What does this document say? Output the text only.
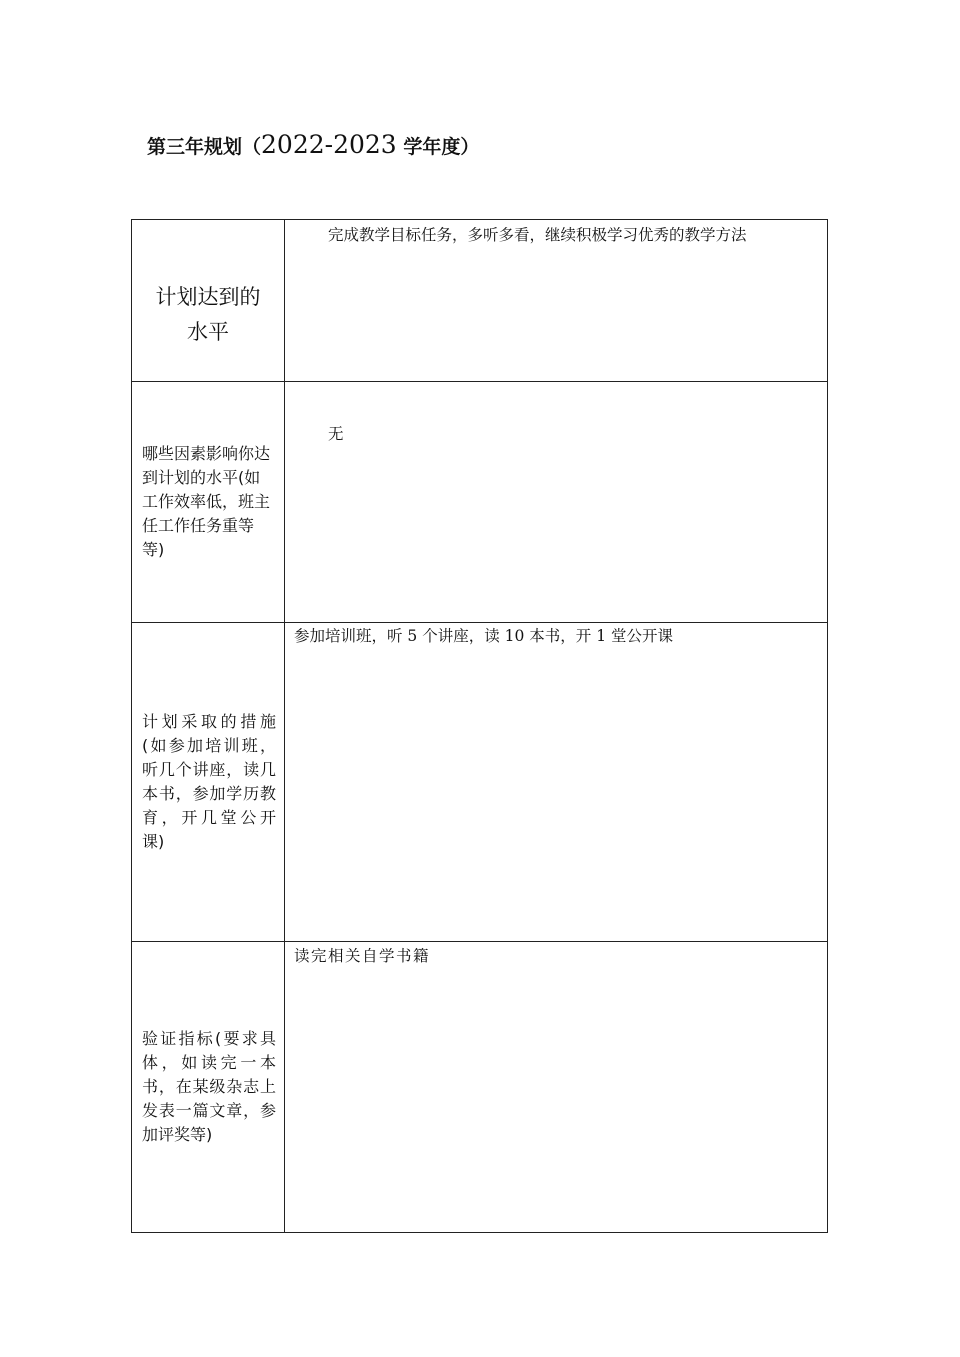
第三年规划（2022-2023 学年度）
计划达到的水平	完成教学目标任务，多听多看，继续积极学习优秀的教学方法

哪些因素影响你达到计划的水平(如工作效率低，班主任工作任务重等等)	无

计划采取的措施(如参加培训班，听几个讲座，读几本书，参加学历教育，开几堂公开课)	参加培训班，听 5 个讲座，读 10 本书，开 1 堂公开课

验证指标(要求具体，如读完一本书，在某级杂志上发表一篇文章，参加评奖等)	读完相关自学书籍
